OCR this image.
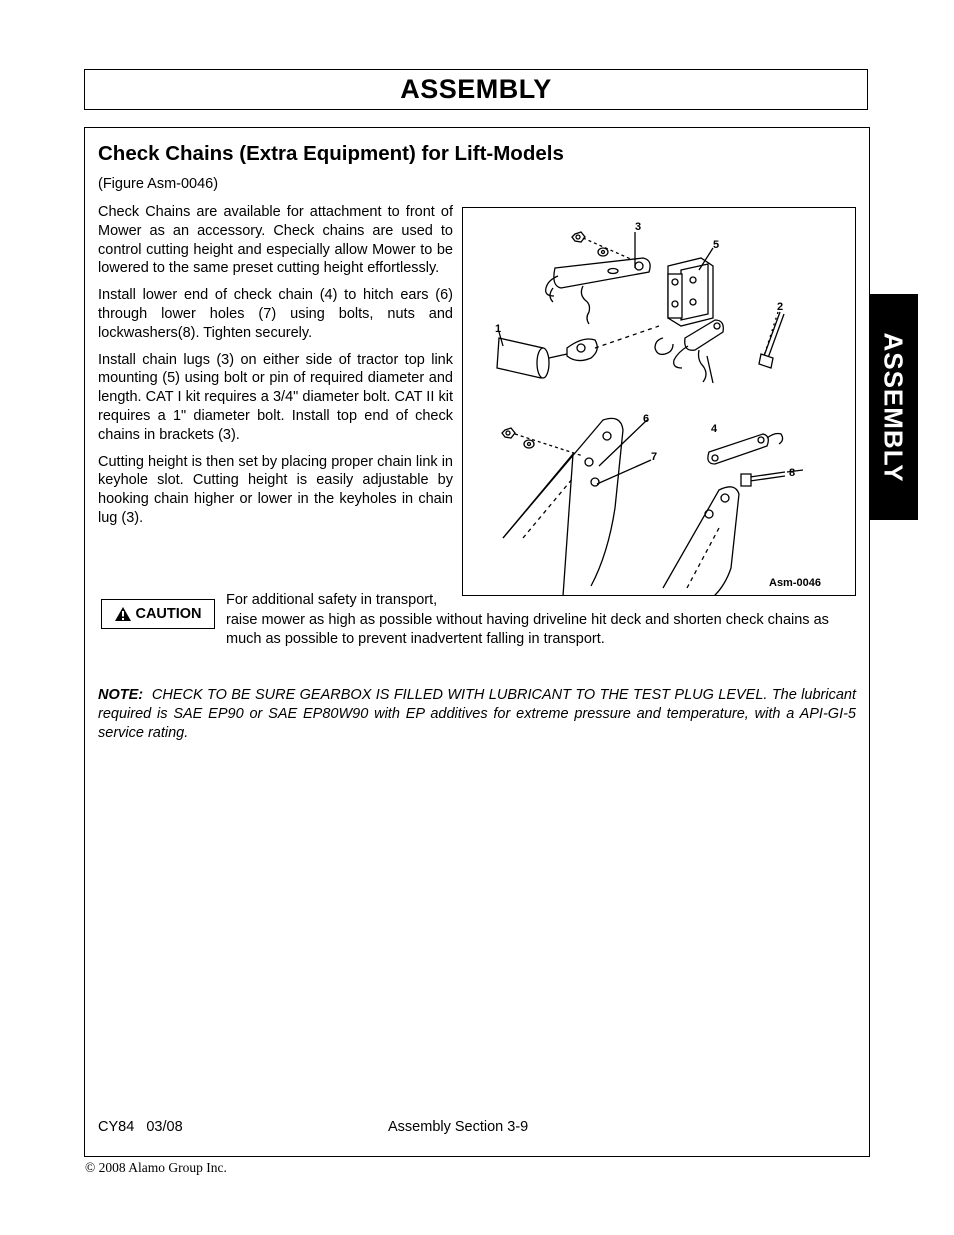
ASSEMBLY
ASSEMBLY
Check Chains (Extra Equipment) for Lift-Models
(Figure Asm-0046)

Check Chains are available for attachment to front of Mower as an accessory. Check chains are used to control cutting height and especially allow Mower to be lowered to the same preset cutting height effortlessly.

Install lower end of check chain (4) to hitch ears (6) through lower holes (7) using bolts, nuts and lockwashers(8). Tighten securely.

Install chain lugs (3) on either side of tractor top link mounting (5) using bolt or pin of required diameter and length. CAT I kit requires a 3/4" diameter bolt. CAT II kit requires a 1" diameter bolt. Install top end of check chains in brackets (3).

Cutting height is then set by placing proper chain link in keyhole slot. Cutting height is easily adjustable by hooking chain higher or lower in the keyholes in chain lug (3).

1
2
3
4
5
6
7
8
Asm-0046
CAUTION
For additional safety in transport,
raise mower as high as possible without having driveline hit deck and shorten check chains as much as possible to prevent inadvertent falling in transport.

NOTE: CHECK TO BE SURE GEARBOX IS FILLED WITH LUBRICANT TO THE TEST PLUG LEVEL. The lubricant required is SAE EP90 or SAE EP80W90 with EP additives for extreme pressure and temperature, with a API-GI-5 service rating.

CY84   03/08	Assembly Section 3-9
© 2008 Alamo Group Inc.
